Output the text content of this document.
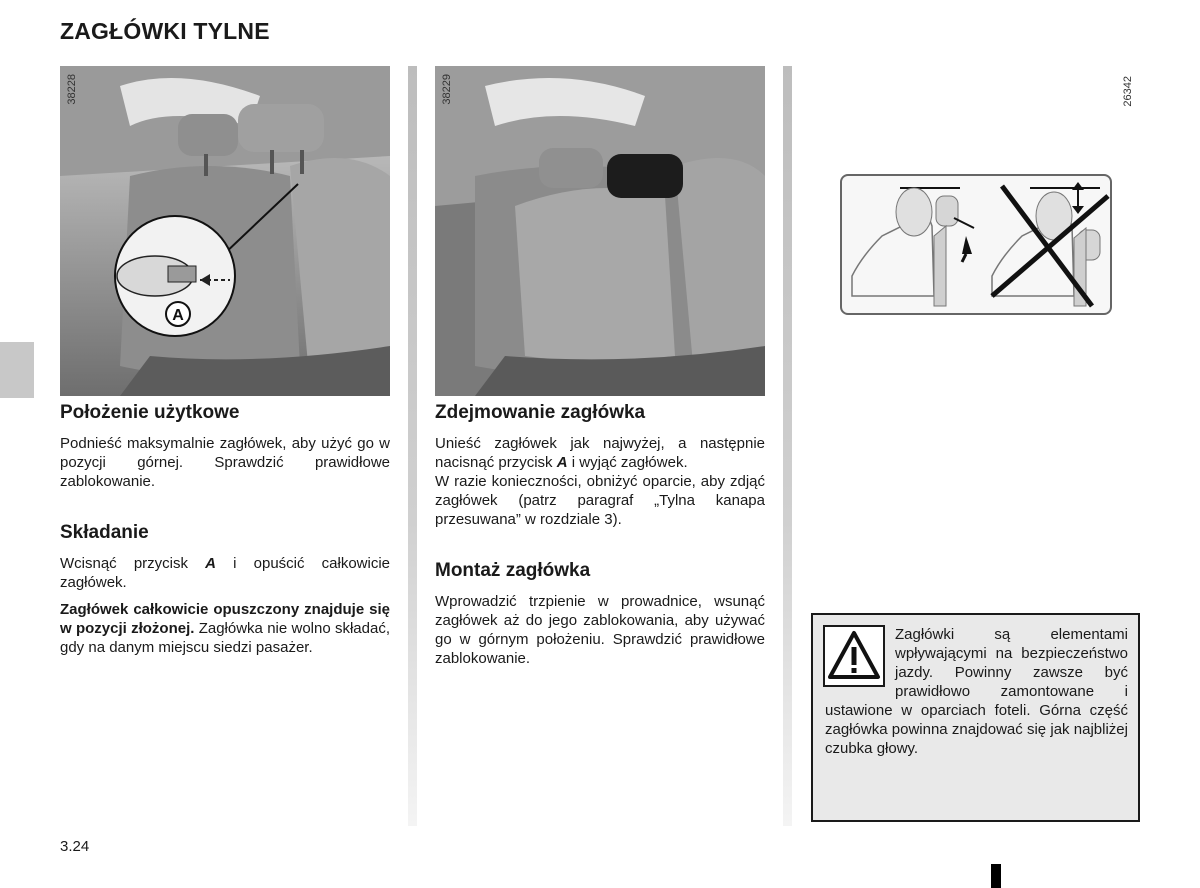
ZAGŁÓWKI TYLNE
A
38228	38229
Położenie użytkowe

Podnieść maksymalnie zagłówek, aby użyć go w pozycji górnej. Sprawdzić prawidłowe zablokowanie.

Składanie

Wcisnąć przycisk A i opuścić całkowicie zagłówek.

Zagłówek całkowicie opuszczony znajduje się w pozycji złożonej. Zagłówka nie wolno składać, gdy na danym miejscu siedzi pasażer.

Zdejmowanie zagłówka

Unieść zagłówek jak najwyżej, a następnie nacisnąć przycisk A i wyjąć zagłówek.

W razie konieczności, obniżyć oparcie, aby zdjąć zagłówek (patrz paragraf „Tylna kanapa przesuwana” w rozdziale 3).

Montaż zagłówka

Wprowadzić trzpienie w prowadnice, wsunąć zagłówek aż do jego zablokowania, aby używać go w górnym położeniu. Sprawdzić prawidłowe zablokowanie.

26342
Zagłówki są elementami wpływającymi na bezpieczeństwo jazdy. Powinny zawsze być prawidłowo zamontowane i ustawione w oparciach foteli. Górna część zagłówka powinna znajdować się jak najbliżej czubka głowy.
3.24
